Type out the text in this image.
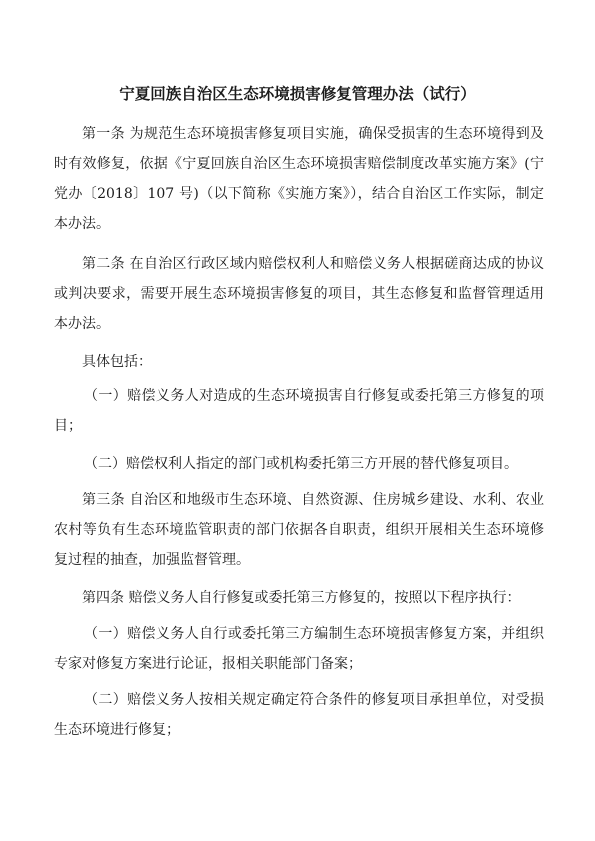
宁夏回族自治区生态环境损害修复管理办法（试行）
第一条 为规范生态环境损害修复项目实施，确保受损害的生态环境得到及
时有效修复，依据《宁夏回族自治区生态环境损害赔偿制度改革实施方案》(宁
党办〔2018〕107 号)（以下简称《实施方案》），结合自治区工作实际，制定
本办法。
第二条 在自治区行政区域内赔偿权利人和赔偿义务人根据磋商达成的协议
或判决要求，需要开展生态环境损害修复的项目，其生态修复和监督管理适用
本办法。
具体包括：
（一）赔偿义务人对造成的生态环境损害自行修复或委托第三方修复的项
目；
（二）赔偿权利人指定的部门或机构委托第三方开展的替代修复项目。
第三条 自治区和地级市生态环境、自然资源、住房城乡建设、水利、农业
农村等负有生态环境监管职责的部门依据各自职责，组织开展相关生态环境修
复过程的抽查，加强监督管理。
第四条 赔偿义务人自行修复或委托第三方修复的，按照以下程序执行：
（一）赔偿义务人自行或委托第三方编制生态环境损害修复方案，并组织
专家对修复方案进行论证，报相关职能部门备案；
（二）赔偿义务人按相关规定确定符合条件的修复项目承担单位，对受损
生态环境进行修复；
